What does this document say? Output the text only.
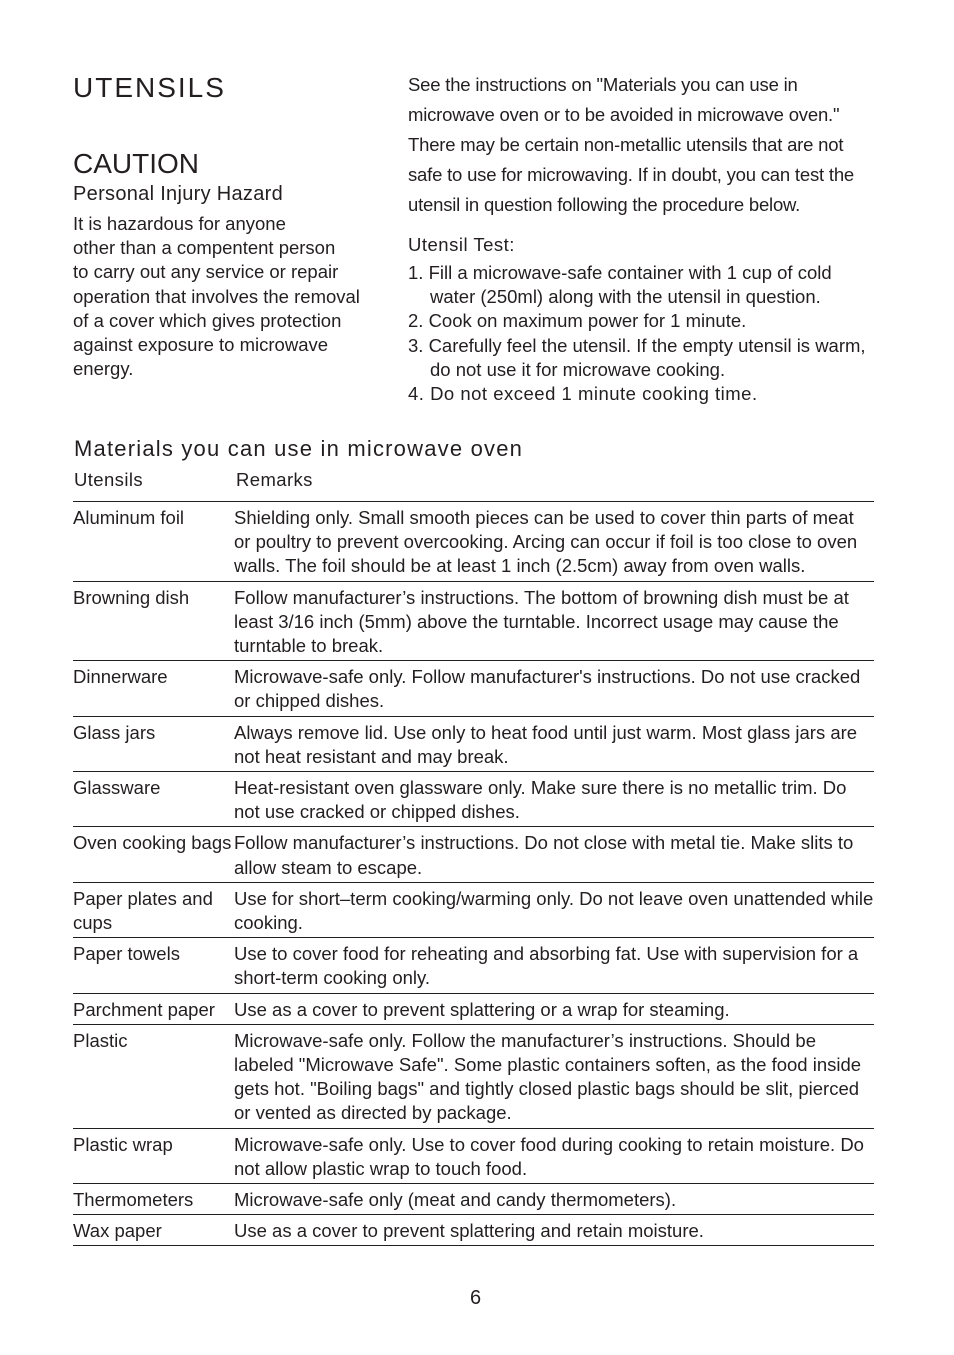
UTENSILS
CAUTION
Personal Injury Hazard
It is hazardous for anyone
other than a compentent person
to carry out any service or repair
operation that involves the removal
of a cover which gives protection
against exposure to microwave
energy.
See the instructions on "Materials you can use in
microwave oven or to be avoided in microwave oven."
There may be certain non-metallic utensils that are not
safe to use for microwaving. If in doubt, you can test the
utensil in question following the procedure below.
Utensil Test:
1. Fill a microwave-safe container with 1 cup of cold water (250ml) along with the utensil in question.
2. Cook on maximum power for 1 minute.
3. Carefully feel the utensil. If the empty utensil is warm, do not use it for microwave cooking.
4. Do not exceed 1 minute cooking time.
Materials you can use in microwave oven
Utensils	Remarks
Aluminum foil	Shielding only. Small smooth pieces can be used to cover thin parts of meat or poultry to prevent overcooking. Arcing can occur if foil is too close to oven walls. The foil should be at least 1 inch (2.5cm) away from oven walls.
Browning dish	Follow manufacturer’s instructions. The bottom of browning dish must be at least 3/16 inch (5mm) above the turntable. Incorrect usage may cause the turntable to break.
Dinnerware	Microwave-safe only. Follow manufacturer's instructions. Do not use cracked or chipped dishes.
Glass jars	Always remove lid. Use only to heat food until just warm. Most glass jars are not heat resistant and may break.
Glassware	Heat-resistant oven glassware only. Make sure there is no metallic trim. Do not use cracked or chipped dishes.
Oven cooking bags	Follow manufacturer’s instructions. Do not close with metal tie. Make slits to allow steam to escape.
Paper plates and cups	Use for short–term cooking/warming only. Do not leave oven unattended while cooking.
Paper towels	Use to cover food for reheating and absorbing fat. Use with supervision for a short-term cooking only.
Parchment paper	Use as a cover to prevent splattering or a wrap for steaming.
Plastic	Microwave-safe only. Follow the manufacturer’s instructions. Should be labeled "Microwave Safe". Some plastic containers soften, as the food inside gets hot. "Boiling bags" and tightly closed plastic bags should be slit, pierced or vented as directed by package.
Plastic wrap	Microwave-safe only. Use to cover food during cooking to retain moisture. Do not allow plastic wrap to touch food.
Thermometers	Microwave-safe only (meat and candy thermometers).
Wax paper	Use as a cover to prevent splattering and retain moisture.
6
